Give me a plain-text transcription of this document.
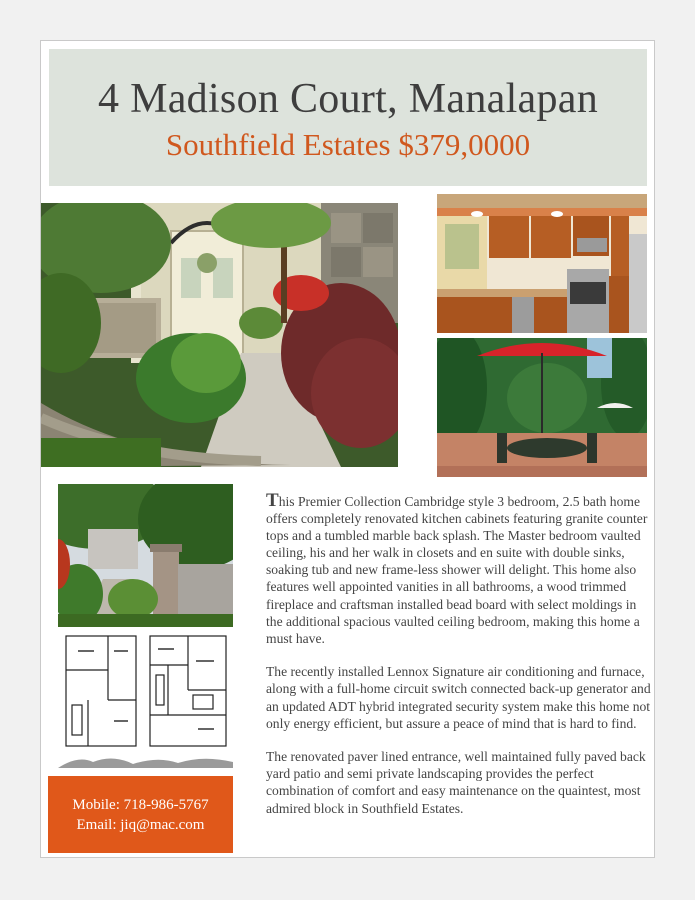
4 Madison Court, Manalapan
Southfield Estates $379,0000
Mobile: 718-986-5767
Email: jiq@mac.com

This Premier Collection Cambridge style 3 bedroom, 2.5 bath home offers completely renovated kitchen cabinets featuring granite counter tops and a tumbled marble back splash. The Master bedroom vaulted ceiling, his and her walk in closets and en suite with double sinks, soaking tub and new frame-less shower will delight. This home also features well appointed vanities in all bathrooms, a wood trimmed fireplace and craftsman installed bead board with select moldings in the additional spacious vaulted ceiling bedroom, making this home a must have.

The recently installed Lennox Signature air conditioning and furnace, along with a full-home circuit switch connected back-up generator and an updated ADT hybrid integrated security system make this home not only energy efficient, but assure a peace of mind that is hard to find.

The renovated paver lined entrance, well maintained fully paved back yard patio and semi private landscaping provides the perfect combination of comfort and easy maintenance on the quaintest, most admired block in Southfield Estates.
